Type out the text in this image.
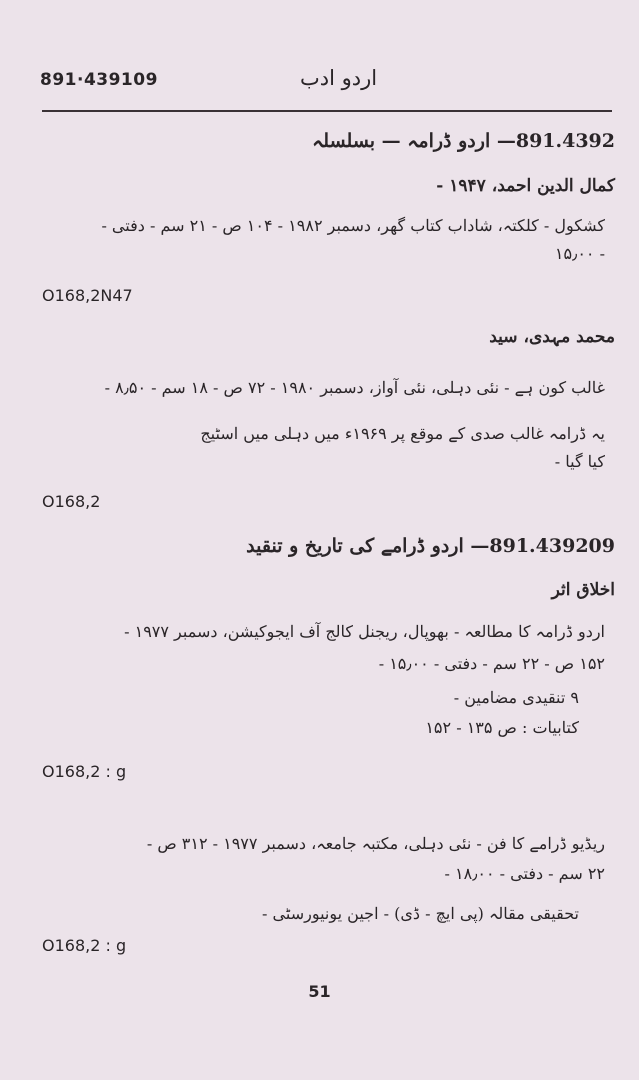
891·439109	اردو ادب
891.4392— اردو ڈرامہ — بسلسلہ
کمال الدین احمد، ۱۹۴۷ -
کشکول - کلکتہ، شاداب کتاب گھر، دسمبر ۱۹۸۲ - ۱۰۴ ص - ۲۱ سم - دفتی -
۱۵٫۰۰ -
O168,2N47
محمد مہدی، سید
غالب کون ہے - نئی دہلی، نئی آواز، دسمبر ۱۹۸۰ - ۷۲ ص - ۱۸ سم - ۸٫۵۰ -
یہ ڈرامہ غالب صدی کے موقع پر ۱۹۶۹ء میں دہلی میں اسٹیج
کیا گیا -
O168,2
891.439209— اردو ڈرامے کی تاریخ و تنقید
اخلاق اثر
اردو ڈرامہ کا مطالعہ - بھوپال، ریجنل کالج آف ایجوکیشن، دسمبر ۱۹۷۷ -
۱۵۲ ص - ۲۲ سم - دفتی - ۱۵٫۰۰ -
۹ تنقیدی مضامین -
کتابیات : ص ۱۳۵ - ۱۵۲
O168,2 : g
ریڈیو ڈرامے کا فن - نئی دہلی، مکتبہ جامعہ، دسمبر ۱۹۷۷ - ۳۱۲ ص -
۲۲ سم - دفتی - ۱۸٫۰۰ -
تحقیقی مقالہ (پی ایچ - ڈی) - اجین یونیورسٹی -
O168,2 : g
51
